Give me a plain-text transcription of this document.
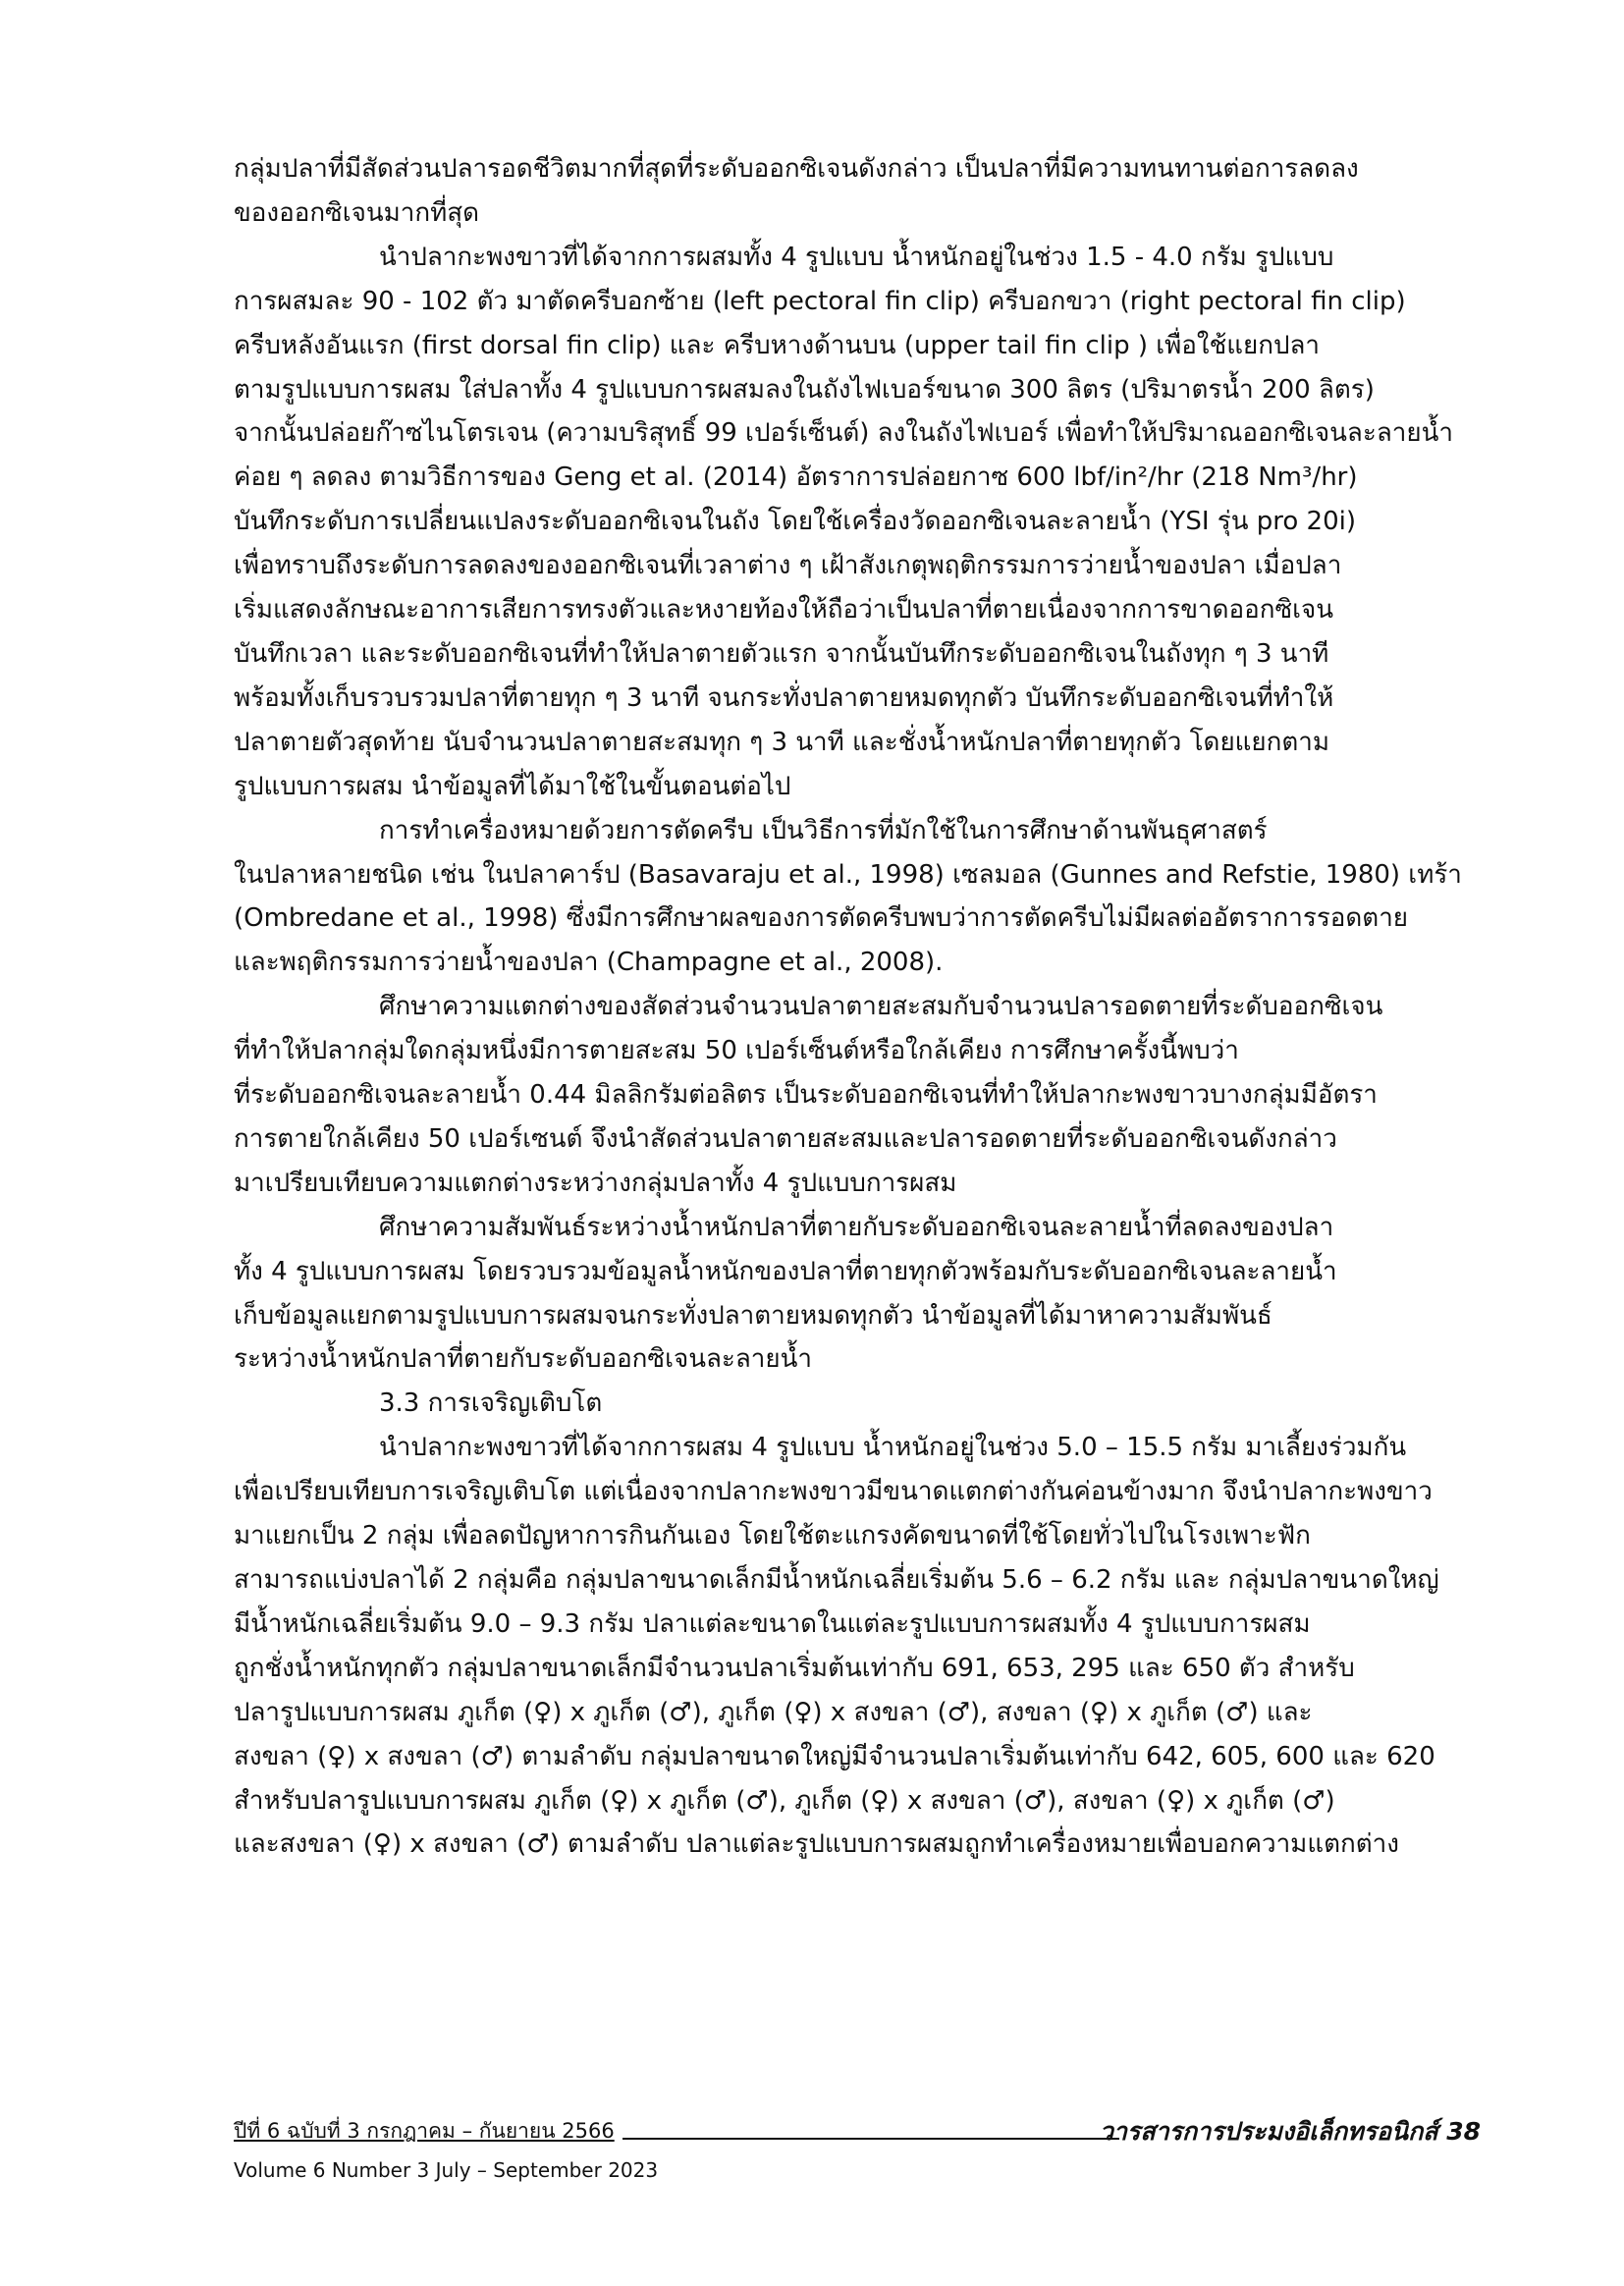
กลุ่มปลาที่มีสัดส่วนปลารอดชีวิตมากที่สุดที่ระดับออกซิเจนดังกล่าว เป็นปลาที่มีความทนทานต่อการลดลง
ของออกซิเจนมากที่สุด

นำปลากะพงขาวที่ได้จากการผสมทั้ง 4 รูปแบบ น้ำหนักอยู่ในช่วง 1.5 - 4.0 กรัม รูปแบบ
การผสมละ 90 - 102 ตัว มาตัดครีบอกซ้าย (left pectoral fin clip) ครีบอกขวา (right pectoral fin clip)
ครีบหลังอันแรก (first dorsal fin clip) และ ครีบหางด้านบน (upper tail fin clip ) เพื่อใช้แยกปลา
ตามรูปแบบการผสม ใส่ปลาทั้ง 4 รูปแบบการผสมลงในถังไฟเบอร์ขนาด 300 ลิตร (ปริมาตรน้ำ 200 ลิตร)
จากนั้นปล่อยก๊าซไนโตรเจน (ความบริสุทธิ์ 99 เปอร์เซ็นต์) ลงในถังไฟเบอร์ เพื่อทำให้ปริมาณออกซิเจนละลายน้ำ
ค่อย ๆ ลดลง ตามวิธีการของ Geng et al. (2014) อัตราการปล่อยกาซ 600 lbf/in²/hr (218 Nm³/hr)
บันทึกระดับการเปลี่ยนแปลงระดับออกซิเจนในถัง โดยใช้เครื่องวัดออกซิเจนละลายน้ำ (YSI รุ่น pro 20i)
เพื่อทราบถึงระดับการลดลงของออกซิเจนที่เวลาต่าง ๆ เฝ้าสังเกตุพฤติกรรมการว่ายน้ำของปลา เมื่อปลา
เริ่มแสดงลักษณะอาการเสียการทรงตัวและหงายท้องให้ถือว่าเป็นปลาที่ตายเนื่องจากการขาดออกซิเจน
บันทึกเวลา และระดับออกซิเจนที่ทำให้ปลาตายตัวแรก จากนั้นบันทึกระดับออกซิเจนในถังทุก ๆ 3 นาที
พร้อมทั้งเก็บรวบรวมปลาที่ตายทุก ๆ 3 นาที จนกระทั่งปลาตายหมดทุกตัว บันทึกระดับออกซิเจนที่ทำให้
ปลาตายตัวสุดท้าย นับจำนวนปลาตายสะสมทุก ๆ 3 นาที และชั่งน้ำหนักปลาที่ตายทุกตัว โดยแยกตาม
รูปแบบการผสม นำข้อมูลที่ได้มาใช้ในขั้นตอนต่อไป

การทำเครื่องหมายด้วยการตัดครีบ เป็นวิธีการที่มักใช้ในการศึกษาด้านพันธุศาสตร์
ในปลาหลายชนิด เช่น ในปลาคาร์ป (Basavaraju et al., 1998) เซลมอล (Gunnes and Refstie, 1980) เทร้า
(Ombredane et al., 1998) ซึ่งมีการศึกษาผลของการตัดครีบพบว่าการตัดครีบไม่มีผลต่ออัตราการรอดตาย
และพฤติกรรมการว่ายน้ำของปลา (Champagne et al., 2008).

ศึกษาความแตกต่างของสัดส่วนจำนวนปลาตายสะสมกับจำนวนปลารอดตายที่ระดับออกซิเจน
ที่ทำให้ปลากลุ่มใดกลุ่มหนึ่งมีการตายสะสม 50 เปอร์เซ็นต์หรือใกล้เคียง การศึกษาครั้งนี้พบว่า
ที่ระดับออกซิเจนละลายน้ำ 0.44 มิลลิกรัมต่อลิตร เป็นระดับออกซิเจนที่ทำให้ปลากะพงขาวบางกลุ่มมีอัตรา
การตายใกล้เคียง 50 เปอร์เซนต์ จึงนำสัดส่วนปลาตายสะสมและปลารอดตายที่ระดับออกซิเจนดังกล่าว
มาเปรียบเทียบความแตกต่างระหว่างกลุ่มปลาทั้ง 4 รูปแบบการผสม

ศึกษาความสัมพันธ์ระหว่างน้ำหนักปลาที่ตายกับระดับออกซิเจนละลายน้ำที่ลดลงของปลา
ทั้ง 4 รูปแบบการผสม โดยรวบรวมข้อมูลน้ำหนักของปลาที่ตายทุกตัวพร้อมกับระดับออกซิเจนละลายน้ำ
เก็บข้อมูลแยกตามรูปแบบการผสมจนกระทั่งปลาตายหมดทุกตัว นำข้อมูลที่ได้มาหาความสัมพันธ์
ระหว่างน้ำหนักปลาที่ตายกับระดับออกซิเจนละลายน้ำ

3.3 การเจริญเติบโต

นำปลากะพงขาวที่ได้จากการผสม 4 รูปแบบ น้ำหนักอยู่ในช่วง 5.0 – 15.5 กรัม มาเลี้ยงร่วมกัน
เพื่อเปรียบเทียบการเจริญเติบโต แต่เนื่องจากปลากะพงขาวมีขนาดแตกต่างกันค่อนข้างมาก จึงนำปลากะพงขาว
มาแยกเป็น 2 กลุ่ม เพื่อลดปัญหาการกินกันเอง โดยใช้ตะแกรงคัดขนาดที่ใช้โดยทั่วไปในโรงเพาะฟัก
สามารถแบ่งปลาได้ 2 กลุ่มคือ กลุ่มปลาขนาดเล็กมีน้ำหนักเฉลี่ยเริ่มต้น 5.6 – 6.2 กรัม และ กลุ่มปลาขนาดใหญ่
มีน้ำหนักเฉลี่ยเริ่มต้น 9.0 – 9.3 กรัม ปลาแต่ละขนาดในแต่ละรูปแบบการผสมทั้ง 4 รูปแบบการผสม
ถูกชั่งน้ำหนักทุกตัว กลุ่มปลาขนาดเล็กมีจำนวนปลาเริ่มต้นเท่ากับ 691, 653, 295 และ 650 ตัว สำหรับ
ปลารูปแบบการผสม ภูเก็ต (♀) x ภูเก็ต (♂), ภูเก็ต (♀) x สงขลา (♂), สงขลา (♀) x ภูเก็ต (♂) และ
สงขลา (♀) x สงขลา (♂) ตามลำดับ กลุ่มปลาขนาดใหญ่มีจำนวนปลาเริ่มต้นเท่ากับ 642, 605, 600 และ 620
สำหรับปลารูปแบบการผสม ภูเก็ต (♀) x ภูเก็ต (♂), ภูเก็ต (♀) x สงขลา (♂), สงขลา (♀) x ภูเก็ต (♂)
และสงขลา (♀) x สงขลา (♂) ตามลำดับ ปลาแต่ละรูปแบบการผสมถูกทำเครื่องหมายเพื่อบอกความแตกต่าง

ปีที่ 6 ฉบับที่ 3 กรกฎาคม – กันยายน 2566	วารสารการประมงอิเล็กทรอนิกส์ 38
Volume 6 Number 3 July – September 2023
